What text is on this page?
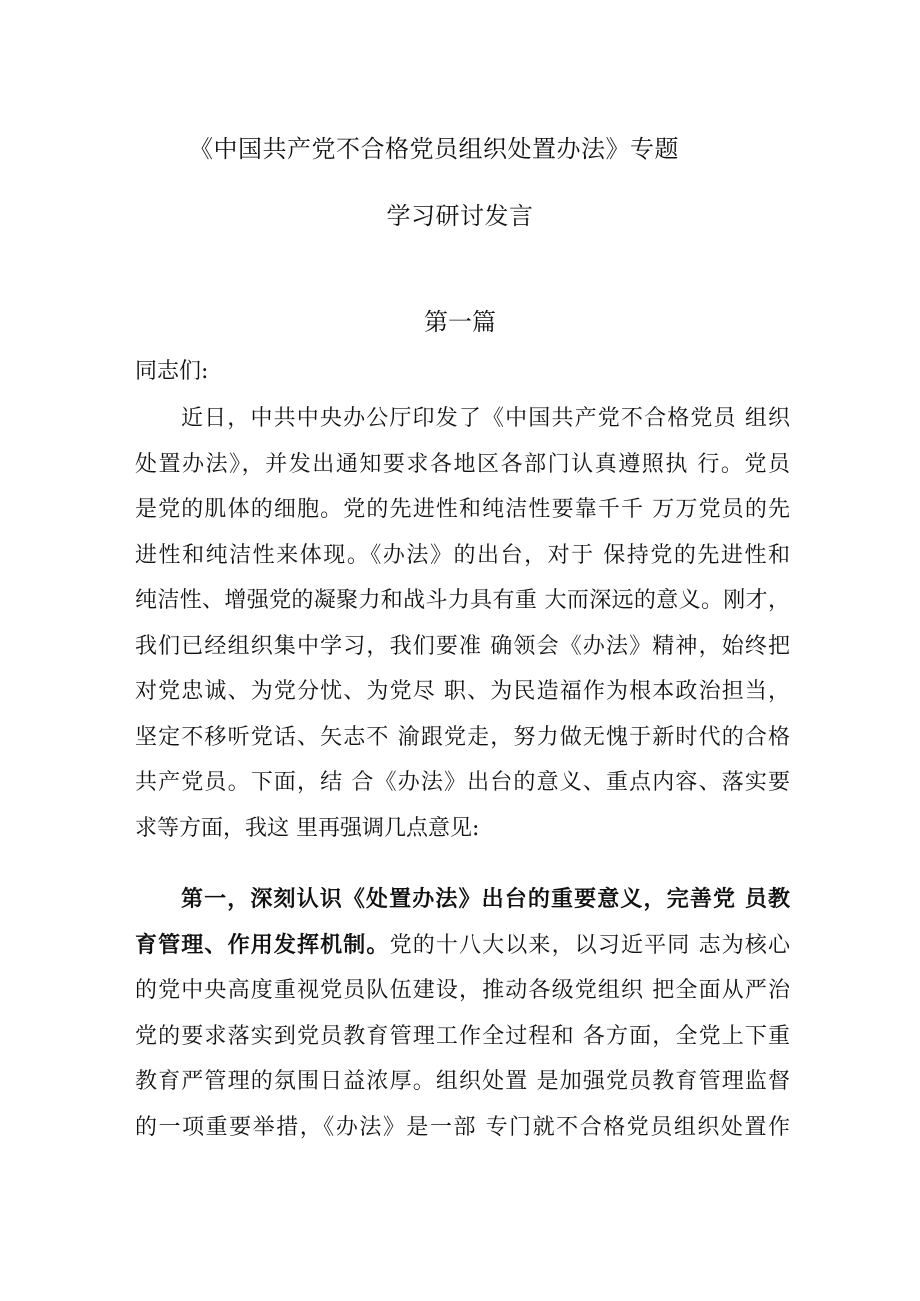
《中国共产党不合格党员组织处置办法》专题
学习研讨发言
第一篇
同志们:
近日，中共中央办公厅印发了《中国共产党不合格党员 组织
处置办法》，并发出通知要求各地区各部门认真遵照执 行。党员
是党的肌体的细胞。党的先进性和纯洁性要靠千千 万万党员的先
进性和纯洁性来体现。《办法》的出台，对于 保持党的先进性和
纯洁性、增强党的凝聚力和战斗力具有重 大而深远的意义。刚才，
我们已经组织集中学习，我们要准 确领会《办法》精神，始终把
对党忠诚、为党分忧、为党尽 职、为民造福作为根本政治担当，
坚定不移听党话、矢志不 渝跟党走，努力做无愧于新时代的合格
共产党员。下面，结 合《办法》出台的意义、重点内容、落实要
求等方面，我这 里再强调几点意见:
第一，深刻认识《处置办法》出台的重要意义，完善党 员教
育管理、作用发挥机制。党的十八大以来，以习近平同 志为核心
的党中央高度重视党员队伍建设，推动各级党组织 把全面从严治
党的要求落实到党员教育管理工作全过程和 各方面，全党上下重
教育严管理的氛围日益浓厚。组织处置 是加强党员教育管理监督
的一项重要举措，《办法》是一部 专门就不合格党员组织处置作
